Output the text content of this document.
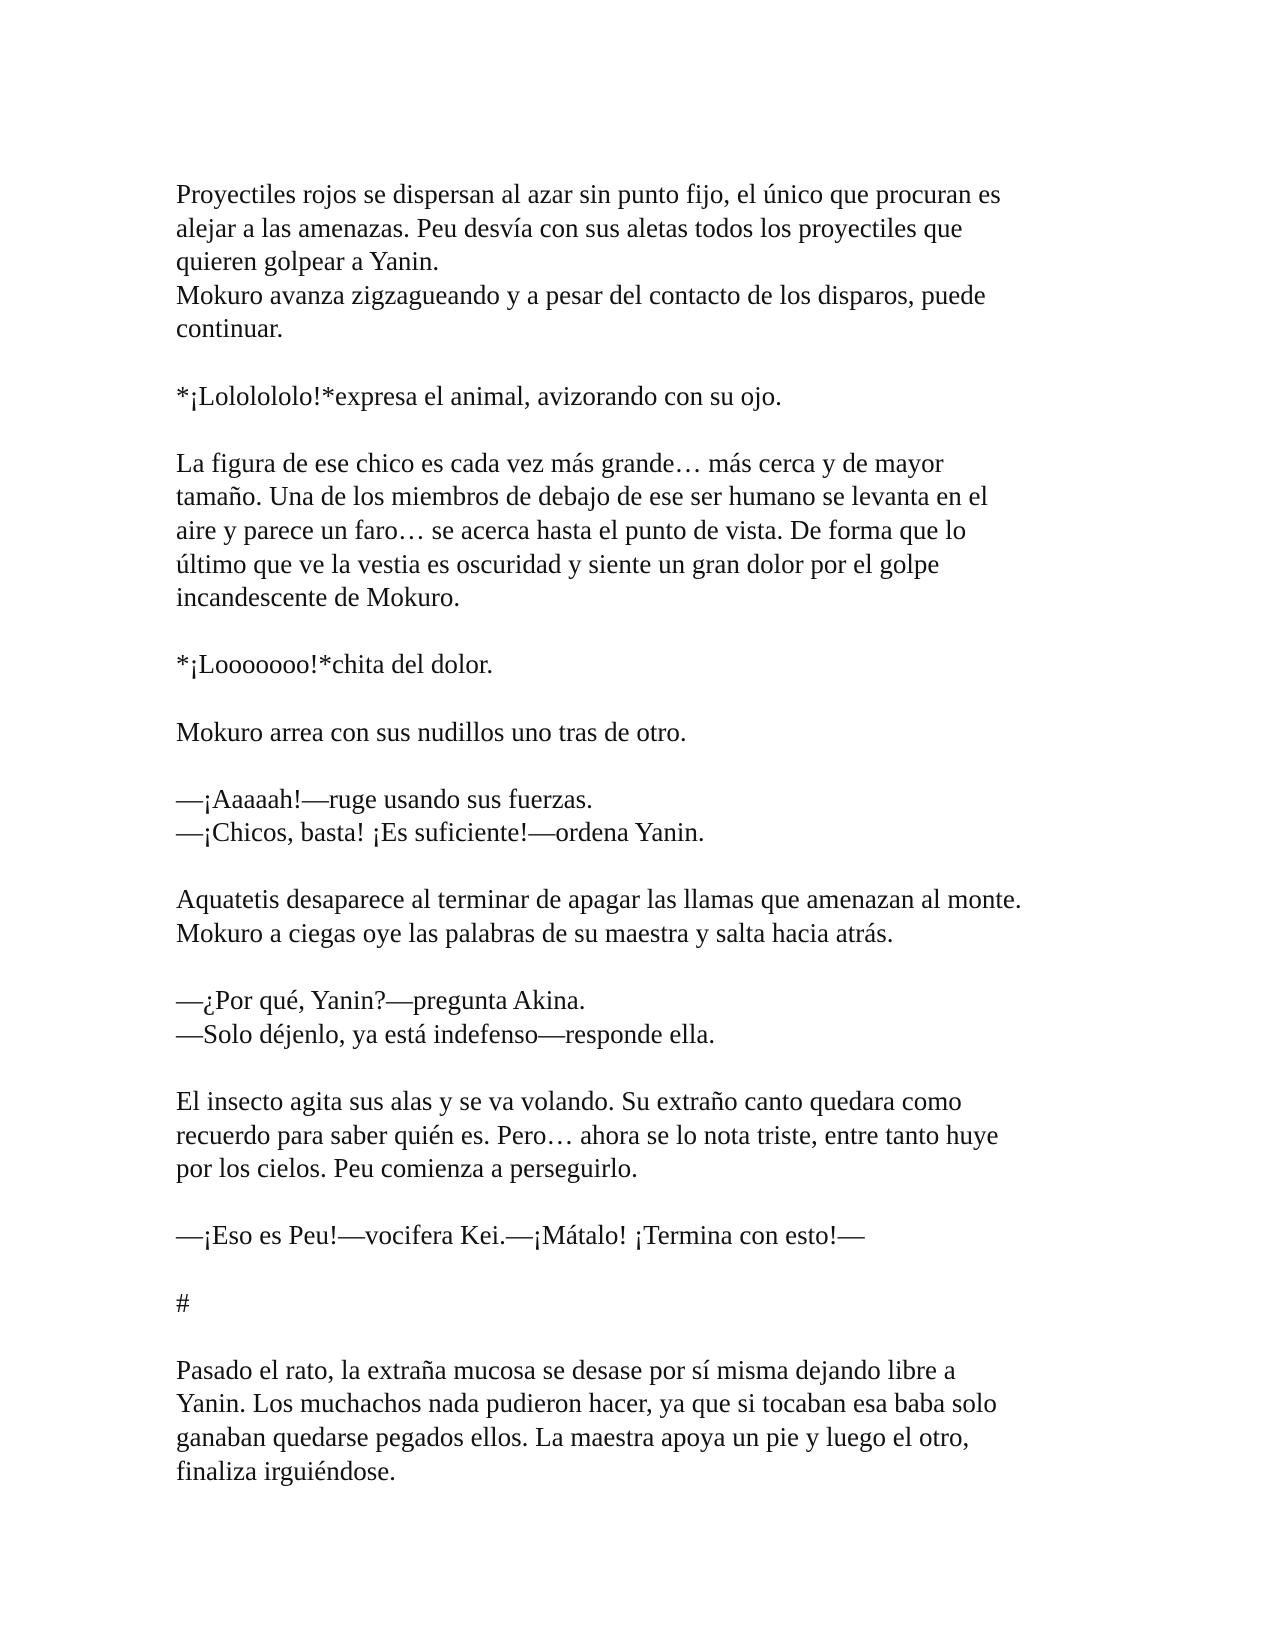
Proyectiles rojos se dispersan al azar sin punto fijo, el único que procuran es
alejar a las amenazas. Peu desvía con sus aletas todos los proyectiles que
quieren golpear a Yanin.
Mokuro avanza zigzagueando y a pesar del contacto de los disparos, puede
continuar.

*¡Lololololo!*expresa el animal, avizorando con su ojo.

La figura de ese chico es cada vez más grande… más cerca y de mayor
tamaño. Una de los miembros de debajo de ese ser humano se levanta en el
aire y parece un faro… se acerca hasta el punto de vista. De forma que lo
último que ve la vestia es oscuridad y siente un gran dolor por el golpe
incandescente de Mokuro.

*¡Looooooo!*chita del dolor.

Mokuro arrea con sus nudillos uno tras de otro.

—¡Aaaaah!—ruge usando sus fuerzas.
—¡Chicos, basta! ¡Es suficiente!—ordena Yanin.

Aquatetis desaparece al terminar de apagar las llamas que amenazan al monte.
Mokuro a ciegas oye las palabras de su maestra y salta hacia atrás.

—¿Por qué, Yanin?—pregunta Akina.
—Solo déjenlo, ya está indefenso—responde ella.

El insecto agita sus alas y se va volando. Su extraño canto quedara como
recuerdo para saber quién es. Pero… ahora se lo nota triste, entre tanto huye
por los cielos. Peu comienza a perseguirlo.

—¡Eso es Peu!—vocifera Kei.—¡Mátalo! ¡Termina con esto!—

#

Pasado el rato, la extraña mucosa se desase por sí misma dejando libre a
Yanin. Los muchachos nada pudieron hacer, ya que si tocaban esa baba solo
ganaban quedarse pegados ellos. La maestra apoya un pie y luego el otro,
finaliza irguiéndose.
